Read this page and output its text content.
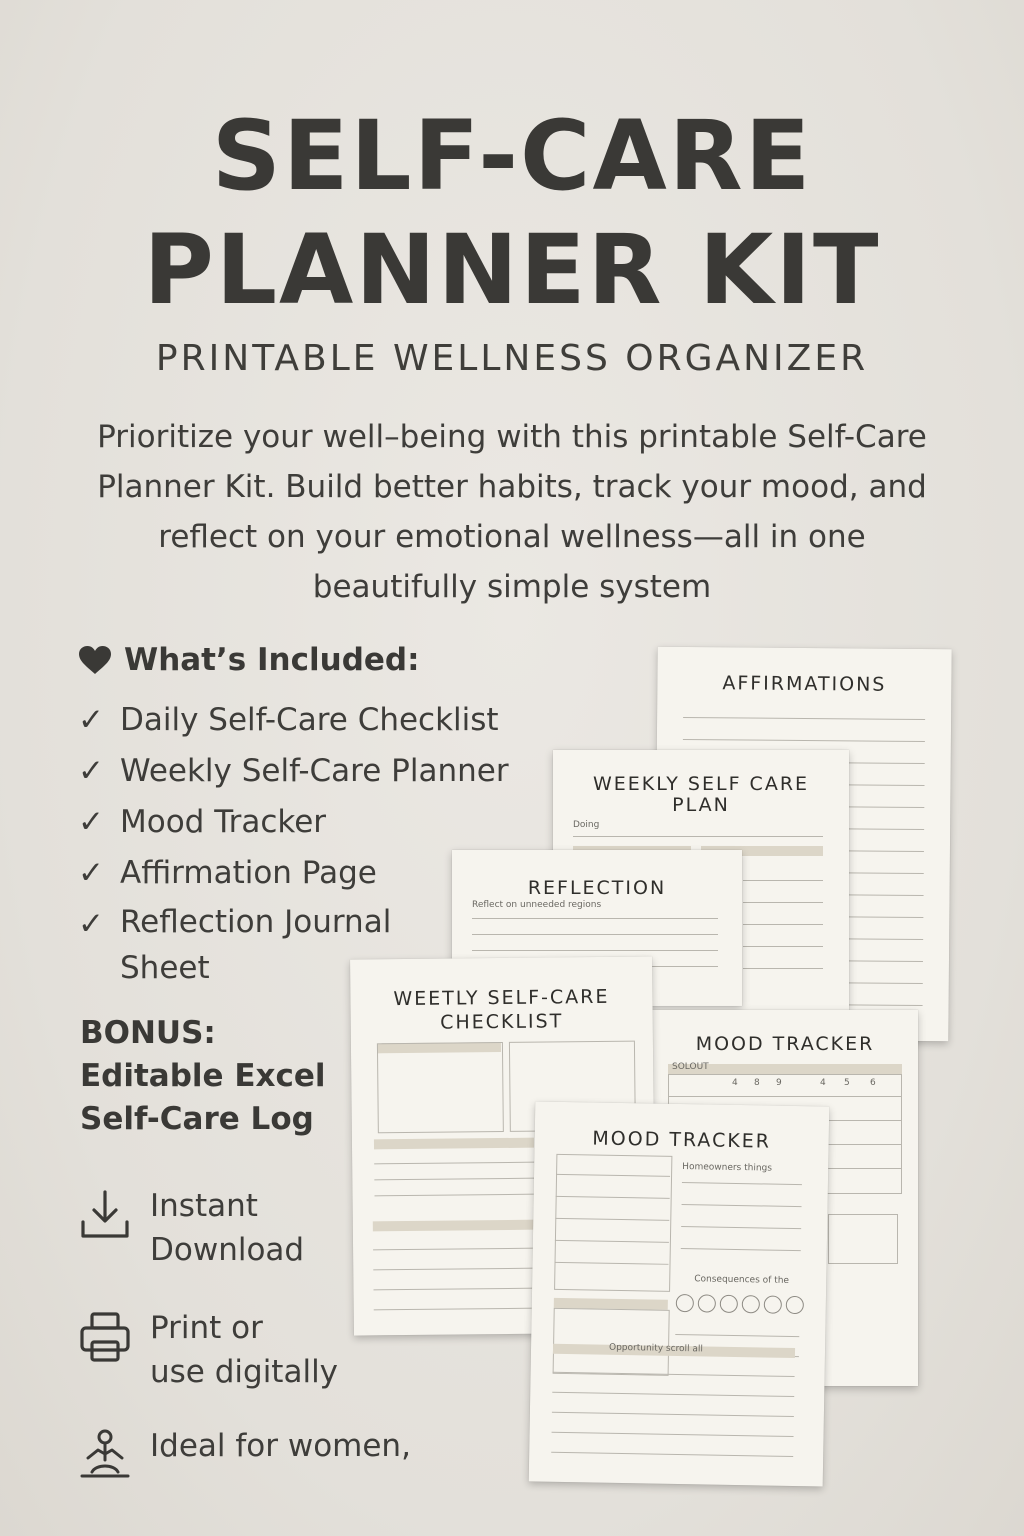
SELF-CARE
PLANNER KIT
PRINTABLE WELLNESS ORGANIZER
Prioritize your well–being with this printable Self-Care
Planner Kit. Build better habits, track your mood, and
reflect on your emotional wellness—all in one
beautifully simple system
What’s Included:
✓ Daily Self-Care Checklist
✓ Weekly Self-Care Planner
✓ Mood Tracker
✓ Affirmation Page
✓ Reflection Journal Sheet
BONUS: Editable Excel Self-Care Log
Instant
Download
Print or
use digitally
Ideal for women,
AFFIRMATIONS
WEEKLY SELF CARE
PLAN
Doing
REFLECTION
Reflect on unneeded regions
MOOD TRACKER
SOLOUT
4 8 9	4 5 6
WEETLY SELF-CARE
CHECKLIST
MOOD TRACKER
Homeowners things
Consequences of the
Opportunity scroll all
